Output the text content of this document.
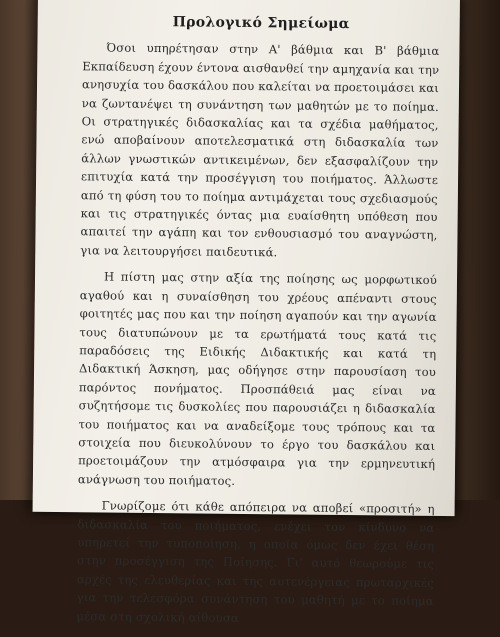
Προλογικό Σημείωμα

Όσοι υπηρέτησαν στην Α' βάθμια και Β' βάθμια Εκπαίδευση έχουν έντονα αισθανθεί την αμηχανία και την ανησυχία του δασκάλου που καλείται να προετοιμάσει και να ζωντανέψει τη συνάντηση των μαθητών με το ποίημα. Οι στρατηγικές διδασκαλίας και τα σχέδια μαθήματος, ενώ αποβαίνουν αποτελεσματικά στη διδασκαλία των άλλων γνωστικών αντικειμένων, δεν εξασφαλίζουν την επιτυχία κατά την προσέγγιση του ποιήματος. Άλλωστε από τη φύση του το ποίημα αντιμάχεται τους σχεδιασμούς και τις στρατηγικές όντας μια ευαίσθητη υπόθεση που απαιτεί την αγάπη και τον ενθουσιασμό του αναγνώστη, για να λειτουργήσει παιδευτικά.

Η πίστη μας στην αξία της ποίησης ως μορφωτικού αγαθού και η συναίσθηση του χρέους απέναντι στους φοιτητές μας που και την ποίηση αγαπούν και την αγωνία τους διατυπώνουν με τα ερωτήματά τους κατά τις παραδόσεις της Ειδικής Διδακτικής και κατά τη Διδακτική Άσκηση, μας οδήγησε στην παρουσίαση του παρόντος πονήματος. Προσπάθειά μας είναι να συζητήσομε τις δυσκολίες που παρουσιάζει η διδασκαλία του ποιήματος και να αναδείξομε τους τρόπους και τα στοιχεία που διευκολύνουν το έργο του δασκάλου και προετοιμάζουν την ατμόσφαιρα για την ερμηνευτική ανάγνωση του ποιήματος.

Γνωρίζομε ότι κάθε απόπειρα να αποβεί «προσιτή» η διδασκαλία του ποιήματος, ενέχει τον κίνδυνο να υπηρετεί την τυποποίηση, η οποία όμως δεν έχει θέση στην προσέγγιση της Ποίησης. Γι' αυτό θεωρούμε τις αρχές της ελευθερίας και της αυτενέργειας πρωταρχικές για την τελεσφόρα συνάντηση του μαθητή με το ποίημα μέσα στη σχολική αίθουσα
